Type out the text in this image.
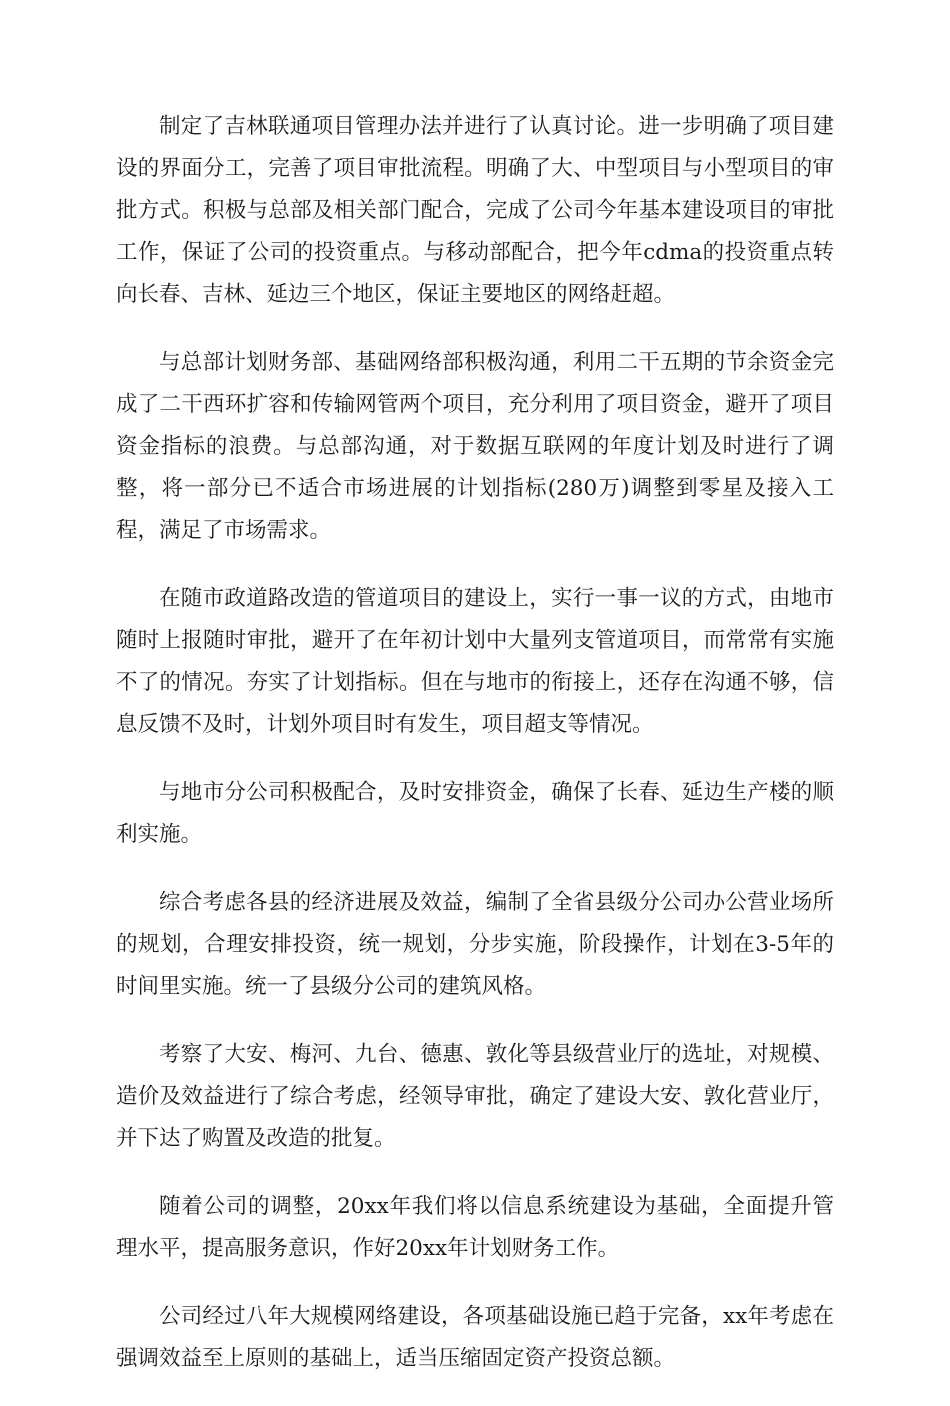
制定了吉林联通项目管理办法并进行了认真讨论。进一步明确了项目建设的界面分工，完善了项目审批流程。明确了大、中型项目与小型项目的审批方式。积极与总部及相关部门配合，完成了公司今年基本建设项目的审批工作，保证了公司的投资重点。与移动部配合，把今年cdma的投资重点转向长春、吉林、延边三个地区，保证主要地区的网络赶超。

与总部计划财务部、基础网络部积极沟通，利用二干五期的节余资金完成了二干西环扩容和传输网管两个项目，充分利用了项目资金，避开了项目资金指标的浪费。与总部沟通，对于数据互联网的年度计划及时进行了调整，将一部分已不适合市场进展的计划指标(280万)调整到零星及接入工程，满足了市场需求。

在随市政道路改造的管道项目的建设上，实行一事一议的方式，由地市随时上报随时审批，避开了在年初计划中大量列支管道项目，而常常有实施不了的情况。夯实了计划指标。但在与地市的衔接上，还存在沟通不够，信息反馈不及时，计划外项目时有发生，项目超支等情况。

与地市分公司积极配合，及时安排资金，确保了长春、延边生产楼的顺利实施。

综合考虑各县的经济进展及效益，编制了全省县级分公司办公营业场所的规划，合理安排投资，统一规划，分步实施，阶段操作，计划在3-5年的时间里实施。统一了县级分公司的建筑风格。

考察了大安、梅河、九台、德惠、敦化等县级营业厅的选址，对规模、造价及效益进行了综合考虑，经领导审批，确定了建设大安、敦化营业厅，并下达了购置及改造的批复。

随着公司的调整，20xx年我们将以信息系统建设为基础，全面提升管理水平，提高服务意识，作好20xx年计划财务工作。

公司经过八年大规模网络建设，各项基础设施已趋于完备，xx年考虑在强调效益至上原则的基础上，适当压缩固定资产投资总额。
